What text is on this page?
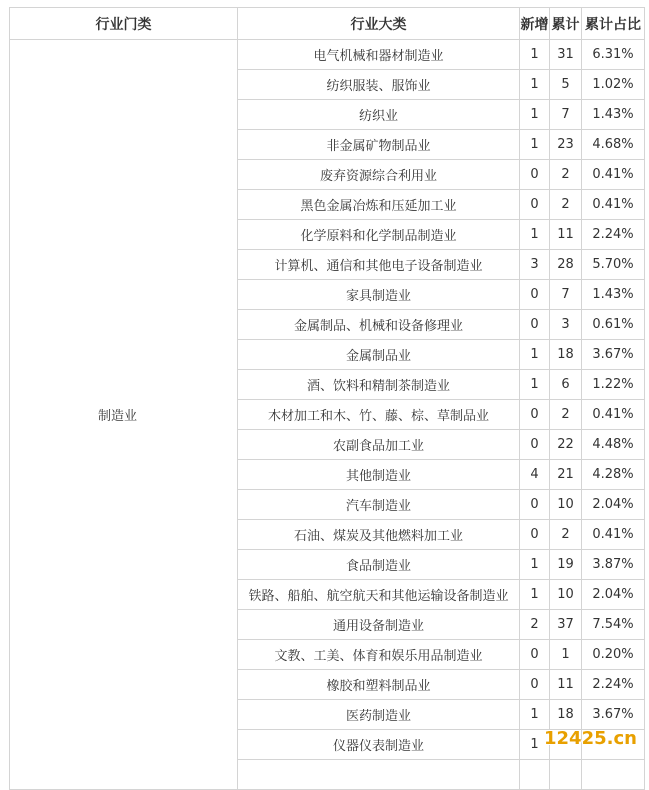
行业门类	行业大类	新增	累计	累计占比
制造业	电气机械和器材制造业	1	31	6.31%
	纺织服装、服饰业	1	5	1.02%
	纺织业	1	7	1.43%
	非金属矿物制品业	1	23	4.68%
	废弃资源综合利用业	0	2	0.41%
	黑色金属冶炼和压延加工业	0	2	0.41%
	化学原料和化学制品制造业	1	11	2.24%
	计算机、通信和其他电子设备制造业	3	28	5.70%
	家具制造业	0	7	1.43%
	金属制品、机械和设备修理业	0	3	0.61%
	金属制品业	1	18	3.67%
	酒、饮料和精制茶制造业	1	6	1.22%
	木材加工和木、竹、藤、棕、草制品业	0	2	0.41%
	农副食品加工业	0	22	4.48%
	其他制造业	4	21	4.28%
	汽车制造业	0	10	2.04%
	石油、煤炭及其他燃料加工业	0	2	0.41%
	食品制造业	1	19	3.87%
	铁路、船舶、航空航天和其他运输设备制造业	1	10	2.04%
	通用设备制造业	2	37	7.54%
	文教、工美、体育和娱乐用品制造业	0	1	0.20%
	橡胶和塑料制品业	0	11	2.24%
	医药制造业	1	18	3.67%
	仪器仪表制造业	1		
			12425.cn
